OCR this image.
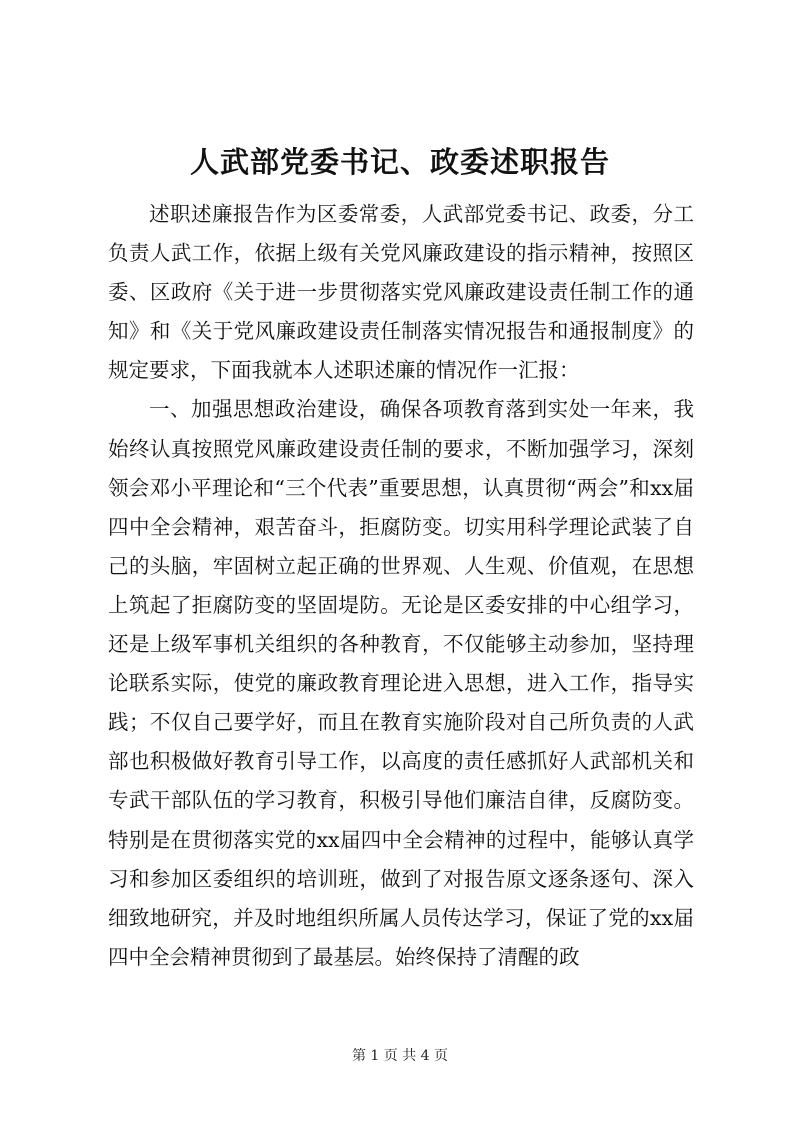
人武部党委书记、政委述职报告

述职述廉报告作为区委常委，人武部党委书记、政委，分工负责人武工作，依据上级有关党风廉政建设的指示精神，按照区委、区政府《关于进一步贯彻落实党风廉政建设责任制工作的通知》和《关于党风廉政建设责任制落实情况报告和通报制度》的规定要求，下面我就本人述职述廉的情况作一汇报：

一、加强思想政治建设，确保各项教育落到实处一年来，我始终认真按照党风廉政建设责任制的要求，不断加强学习，深刻领会邓小平理论和“三个代表”重要思想，认真贯彻“两会”和xx届四中全会精神，艰苦奋斗，拒腐防变。切实用科学理论武装了自己的头脑，牢固树立起正确的世界观、人生观、价值观，在思想上筑起了拒腐防变的坚固堤防。无论是区委安排的中心组学习，还是上级军事机关组织的各种教育，不仅能够主动参加，坚持理论联系实际，使党的廉政教育理论进入思想，进入工作，指导实践；不仅自己要学好，而且在教育实施阶段对自己所负责的人武部也积极做好教育引导工作，以高度的责任感抓好人武部机关和专武干部队伍的学习教育，积极引导他们廉洁自律，反腐防变。特别是在贯彻落实党的xx届四中全会精神的过程中，能够认真学习和参加区委组织的培训班，做到了对报告原文逐条逐句、深入细致地研究，并及时地组织所属人员传达学习，保证了党的xx届四中全会精神贯彻到了最基层。始终保持了清醒的政

第 1 页 共 4 页
